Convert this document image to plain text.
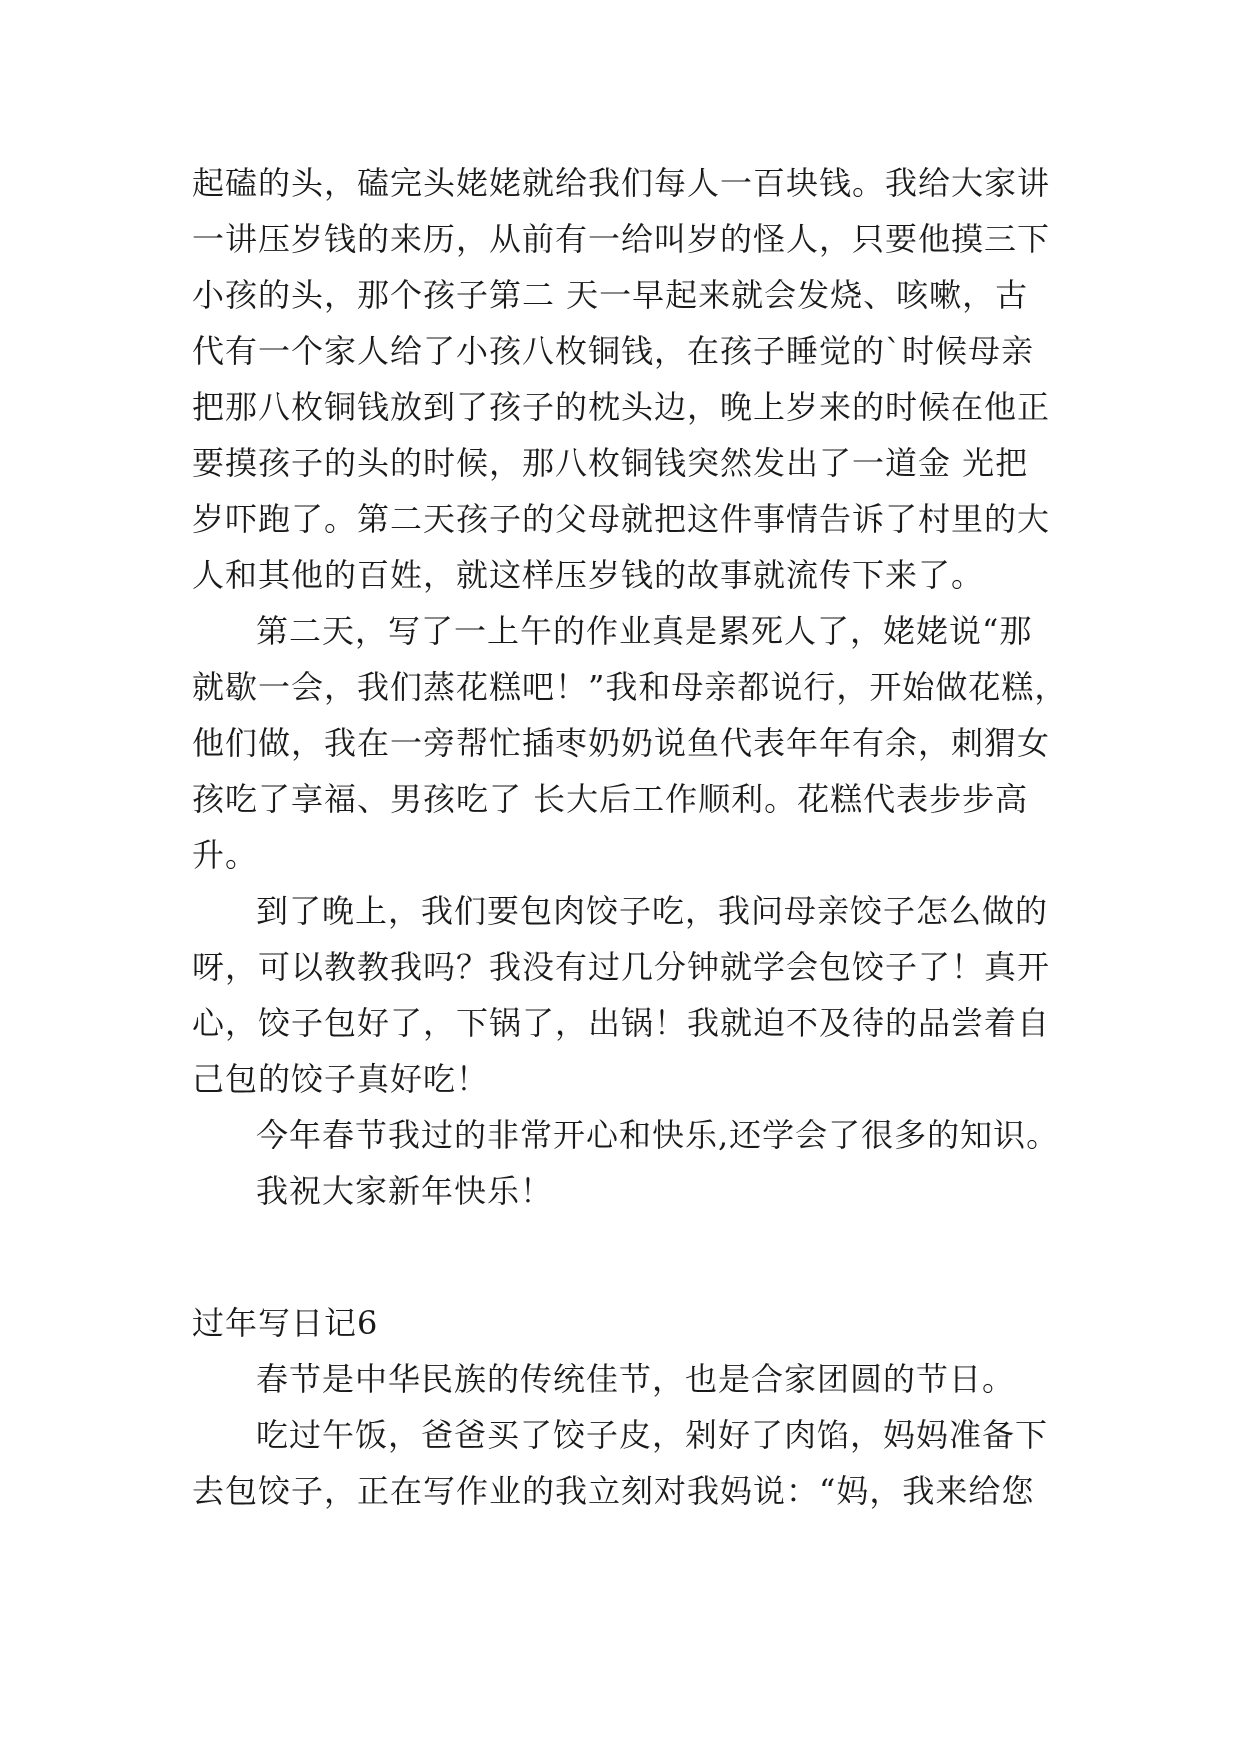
起磕的头，磕完头姥姥就给我们每人一百块钱。我给大家讲
一讲压岁钱的来历，从前有一给叫岁的怪人，只要他摸三下
小孩的头，那个孩子第二 天一早起来就会发烧、咳嗽，古
代有一个家人给了小孩八枚铜钱，在孩子睡觉的`时候母亲
把那八枚铜钱放到了孩子的枕头边，晚上岁来的时候在他正
要摸孩子的头的时候，那八枚铜钱突然发出了一道金 光把
岁吓跑了。第二天孩子的父母就把这件事情告诉了村里的大
人和其他的百姓，就这样压岁钱的故事就流传下来了。
第二天，写了一上午的作业真是累死人了，姥姥说“那
就歇一会，我们蒸花糕吧！”我和母亲都说行，开始做花糕，
他们做，我在一旁帮忙插枣奶奶说鱼代表年年有余，刺猬女
孩吃了享福、男孩吃了 长大后工作顺利。花糕代表步步高
升。
到了晚上，我们要包肉饺子吃，我问母亲饺子怎么做的
呀，可以教教我吗？我没有过几分钟就学会包饺子了！真开
心，饺子包好了，下锅了，出锅！我就迫不及待的品尝着自
己包的饺子真好吃！
今年春节我过的非常开心和快乐,还学会了很多的知识。
我祝大家新年快乐！
过年写日记6
春节是中华民族的传统佳节，也是合家团圆的节日。
吃过午饭，爸爸买了饺子皮，剁好了肉馅，妈妈准备下
去包饺子，正在写作业的我立刻对我妈说：“妈，我来给您
